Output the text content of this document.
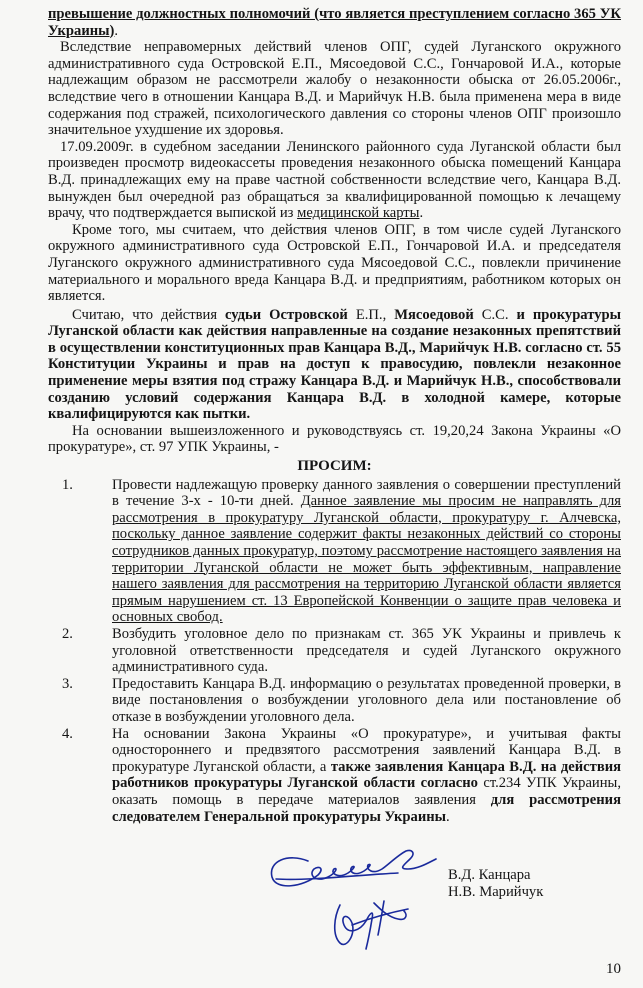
превышение должностных полномочий (что является преступлением согласно 365 УК Украины).

Вследствие неправомерных действий членов ОПГ, судей Луганского окружного административного суда Островской Е.П., Мясоедовой С.С., Гончаровой И.А., которые надлежащим образом не рассмотрели жалобу о незаконности обыска от 26.05.2006г., вследствие чего в отношении Канцара В.Д. и Марийчук Н.В. была применена мера в виде содержания под стражей, психологического давления со стороны членов ОПГ произошло значительное ухудшение их здоровья.

17.09.2009г. в судебном заседании Ленинского районного суда Луганской области был произведен просмотр видеокассеты проведения незаконного обыска помещений Канцара В.Д. принадлежащих ему на праве частной собственности вследствие чего, Канцара В.Д. вынужден был очередной раз обращаться за квалифицированной помощью к лечащему врачу, что подтверждается выпиской из медицинской карты.

Кроме того, мы считаем, что действия членов ОПГ, в том числе судей Луганского окружного административного суда Островской Е.П., Гончаровой И.А. и председателя Луганского окружного административного суда Мясоедовой С.С., повлекли причинение материального и морального вреда Канцара В.Д. и предприятиям, работником которых он является.

Считаю, что действия судьи Островской Е.П., Мясоедовой С.С. и прокуратуры Луганской области как действия направленные на создание незаконных препятствий в осуществлении конституционных прав Канцара В.Д., Марийчук Н.В. согласно ст. 55 Конституции Украины и прав на доступ к правосудию, повлекли незаконное применение меры взятия под стражу Канцара В.Д. и Марийчук Н.В., способствовали созданию условий содержания Канцара В.Д. в холодной камере, которые квалифицируются как пытки.

На основании вышеизложенного и руководствуясь ст. 19,20,24 Закона Украины «О прокуратуре», ст. 97 УПК Украины, -

ПРОСИМ:
1.	Провести надлежащую проверку данного заявления о совершении преступлений в течение 3-х - 10-ти дней. Данное заявление мы просим не направлять для рассмотрения в прокуратуру Луганской области, прокуратуру г. Алчевска, поскольку данное заявление содержит факты незаконных действий со стороны сотрудников данных прокуратур, поэтому рассмотрение настоящего заявления на территории Луганской области не может быть эффективным, направление нашего заявления для рассмотрения на территорию Луганской области является прямым нарушением ст. 13 Европейской Конвенции о защите прав человека и основных свобод.
2.	Возбудить уголовное дело по признакам ст. 365 УК Украины и привлечь к уголовной ответственности председателя и судей Луганского окружного административного суда.
3.	Предоставить Канцара В.Д. информацию о результатах проведенной проверки, в виде постановления о возбуждении уголовного дела или постановление об отказе в возбуждении уголовного дела.
4.	На основании Закона Украины «О прокуратуре», и учитывая факты одностороннего и предвзятого рассмотрения заявлений Канцара В.Д. в прокуратуре Луганской области, а также заявления Канцара В.Д. на действия работников прокуратуры Луганской области согласно ст.234 УПК Украины, оказать помощь в передаче материалов заявления для рассмотрения следователем Генеральной прокуратуры Украины.
В.Д. Канцара
Н.В. Марийчук
10
